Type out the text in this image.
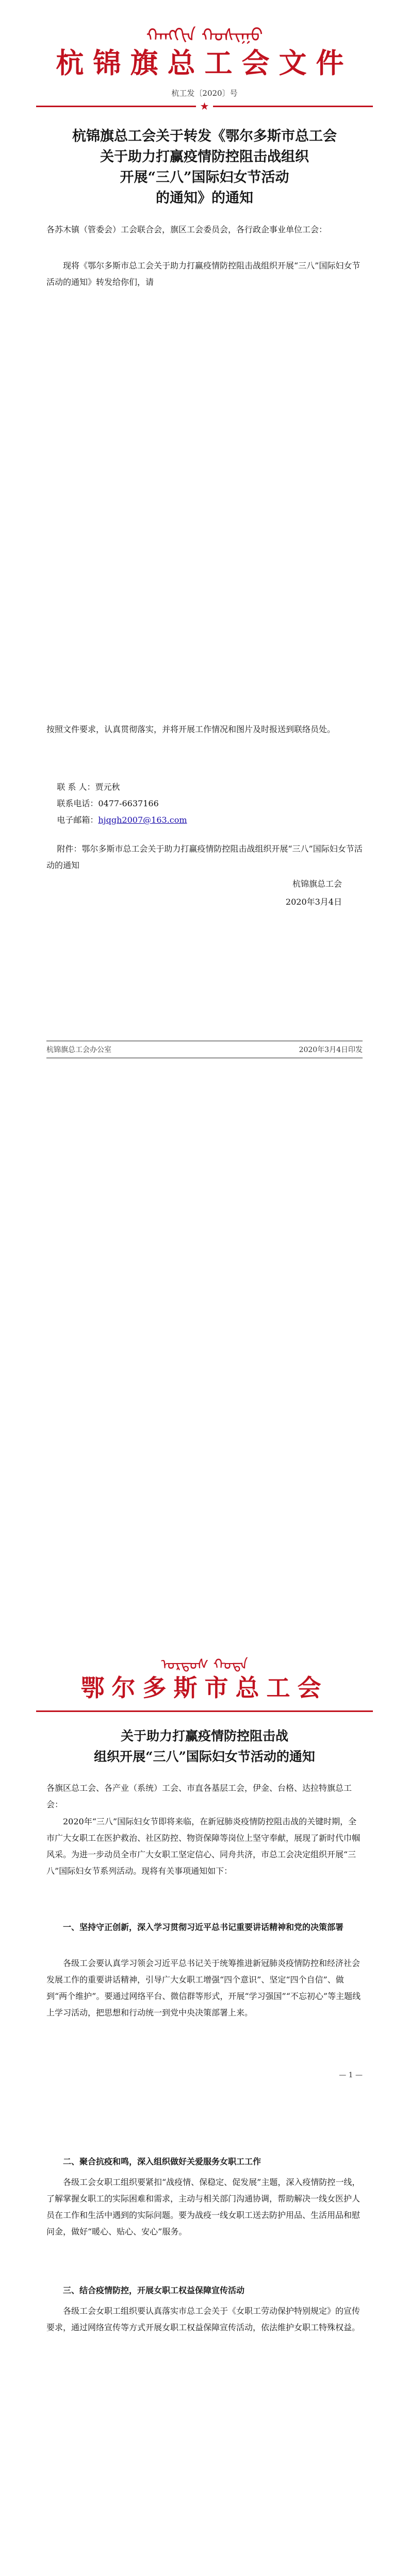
ᠬᠠᠩᠭᠢᠨ ᠬᠣᠰᠢᠭᠤ
杭锦旗总工会文件
杭工发〔2020〕号
★
杭锦旗总工会关于转发《鄂尔多斯市总工会
关于助力打赢疫情防控阻击战组织
开展“三八”国际妇女节活动
的通知》的通知
各苏木镇（管委会）工会联合会，旗区工会委员会，各行政企事业单位工会：
现将《鄂尔多斯市总工会关于助力打赢疫情防控阻击战组织开展“三八”国际妇女节活动的通知》转发给你们，请
按照文件要求，认真贯彻落实，并将开展工作情况和图片及时报送到联络员处。

联 系 人：贾元秋

联系电话：0477-6637166

电子邮箱：hjqgh2007@163.com

附件：鄂尔多斯市总工会关于助力打赢疫情防控阻击战组织开展“三八”国际妇女节活动的通知

杭锦旗总工会
2020年3月4日
杭锦旗总工会办公室	2020年3月4日印发
ᠣᠷᠳᠣᠰ ᠬᠣᠲᠠ
鄂尔多斯市总工会
关于助力打赢疫情防控阻击战
组织开展“三八”国际妇女节活动的通知
各旗区总工会、各产业（系统）工会、市直各基层工会，伊金、台格、达拉特旗总工会：
2020年“三八”国际妇女节即将来临，在新冠肺炎疫情防控阻击战的关键时期，全市广大女职工在医护救治、社区防控、物资保障等岗位上坚守奉献，展现了新时代巾帼风采。为进一步动员全市广大女职工坚定信心、同舟共济，市总工会决定组织开展“三八”国际妇女节系列活动。现将有关事项通知如下：
一、坚持守正创新，深入学习贯彻习近平总书记重要讲话精神和党的决策部署
各级工会要认真学习领会习近平总书记关于统筹推进新冠肺炎疫情防控和经济社会发展工作的重要讲话精神，引导广大女职工增强“四个意识”、坚定“四个自信”、做到“两个维护”。要通过网络平台、微信群等形式，开展“学习强国”“不忘初心”等主题线上学习活动，把思想和行动统一到党中央决策部署上来。
— 1 —
二、聚合抗疫和鸣，深入组织做好关爱服务女职工工作
各级工会女职工组织要紧扣“战疫情、保稳定、促发展”主题，深入疫情防控一线，了解掌握女职工的实际困难和需求，主动与相关部门沟通协调，帮助解决一线女医护人员在工作和生活中遇到的实际问题。要为战疫一线女职工送去防护用品、生活用品和慰问金，做好“暖心、贴心、安心”服务。
三、结合疫情防控，开展女职工权益保障宣传活动
各级工会女职工组织要认真落实市总工会关于《女职工劳动保护特别规定》的宣传要求，通过网络宣传等方式开展女职工权益保障宣传活动，依法维护女职工特殊权益。
